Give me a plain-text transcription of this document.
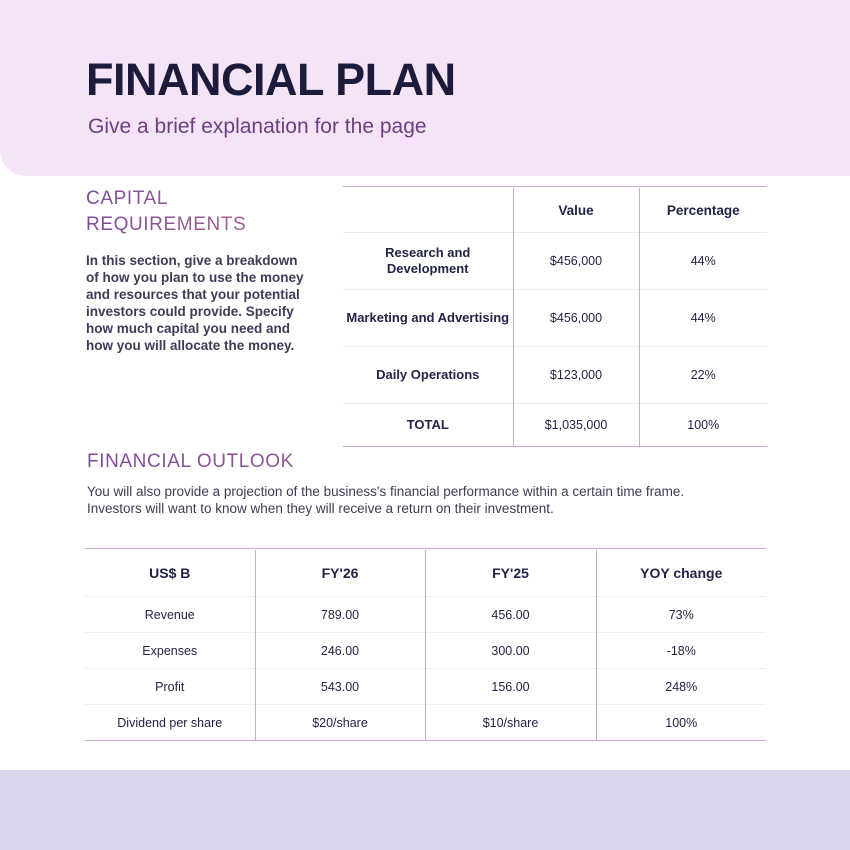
FINANCIAL PLAN
Give a brief explanation for the page
CAPITAL
REQUIREMENTS
In this section, give a breakdown of how you plan to use the money and resources that your potential investors could provide. Specify how much capital you need and how you will allocate the money.

	Value	Percentage
Research and Development	$456,000	44%
Marketing and Advertising	$456,000	44%
Daily Operations	$123,000	22%
TOTAL	$1,035,000	100%

FINANCIAL OUTLOOK
You will also provide a projection of the business's financial performance within a certain time frame. Investors will want to know when they will receive a return on their investment.

US$ B	FY'26	FY'25	YOY change
Revenue	789.00	456.00	73%
Expenses	246.00	300.00	-18%
Profit	543.00	156.00	248%
Dividend per share	$20/share	$10/share	100%
